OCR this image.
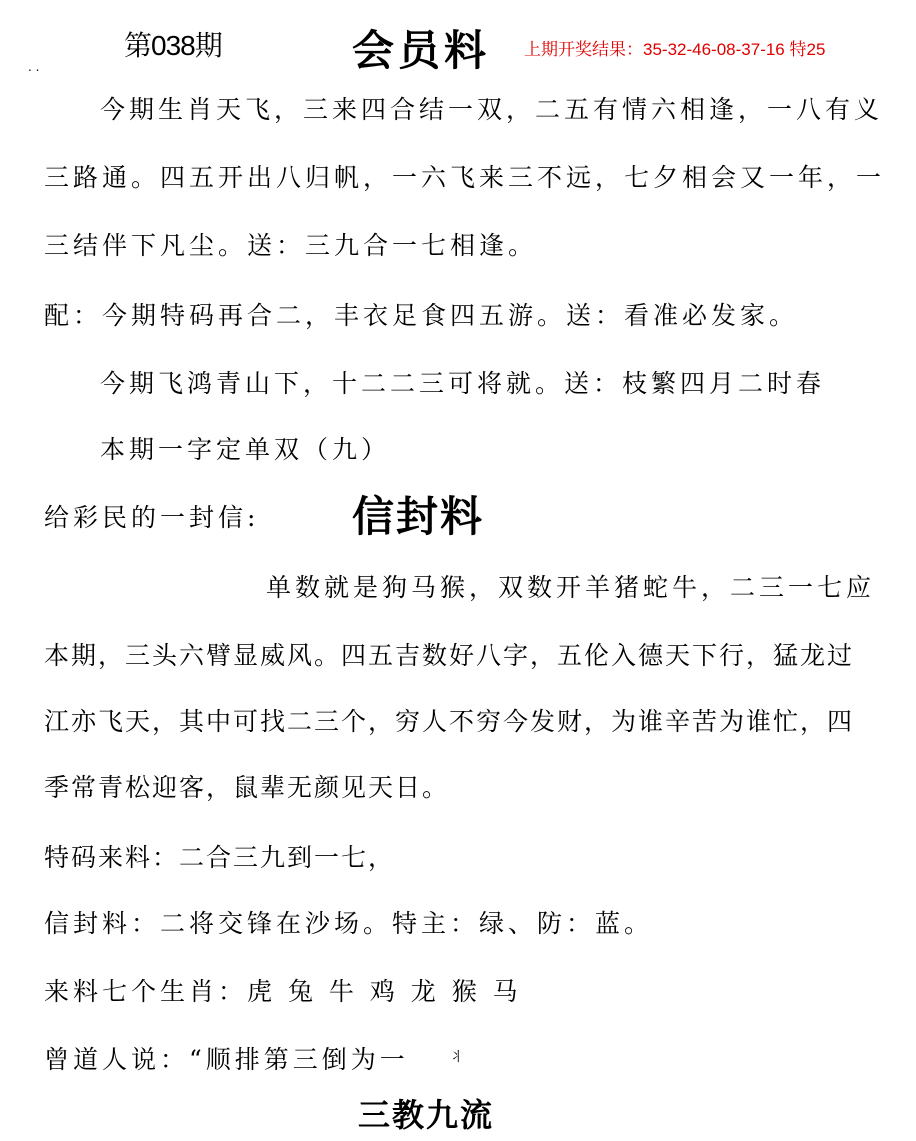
第038期	会员料 上期开奖结果：35-32-46-08-37-16 特25
. .
今期生肖天飞，三来四合结一双，二五有情六相逢，一八有义
三路通。四五开出八归帆，一六飞来三不远，七夕相会又一年，一
三结伴下凡尘。送：三九合一七相逢。
配：今期特码再合二，丰衣足食四五游。送：看准必发家。
今期飞鸿青山下，十二二三可将就。送：枝繁四月二时春
本期一字定单双（九）
给彩民的一封信: 信封料
单数就是狗马猴，双数开羊猪蛇牛，二三一七应
本期，三头六臂显威风。四五吉数好八字，五伦入德天下行，猛龙过
江亦飞天，其中可找二三个，穷人不穷今发财，为谁辛苦为谁忙，四
季常青松迎客，鼠辈无颜见天日。
特码来料：二合三九到一七，
信封料：二将交锋在沙场。特主：绿、防：蓝。
来料七个生肖：虎 兔 牛 鸡 龙 猴 马
曾道人说：“顺排第三倒为一	丬
三教九流
